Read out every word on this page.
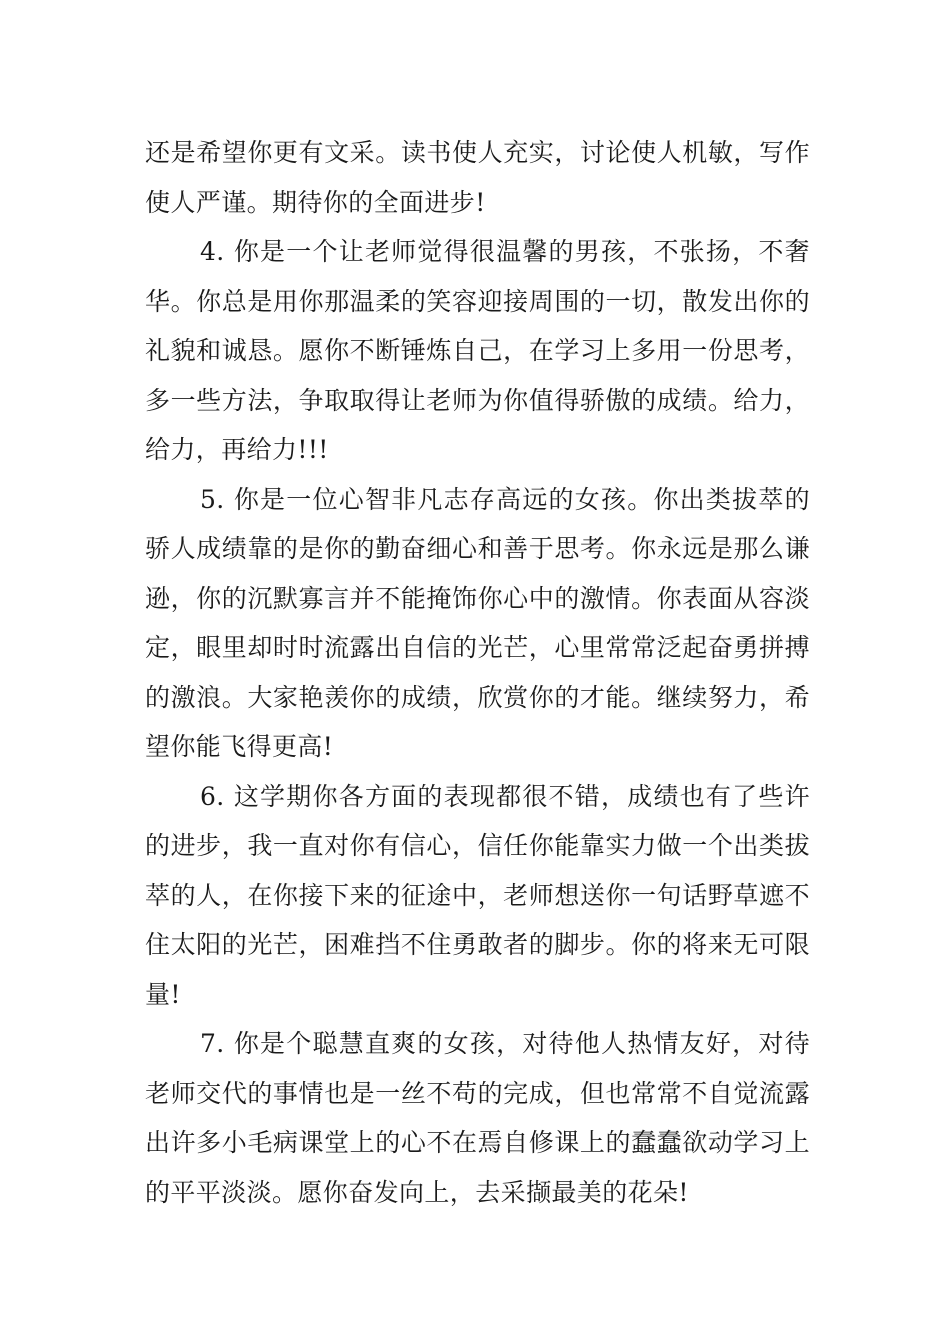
还是希望你更有文采。读书使人充实，讨论使人机敏，写作使人严谨。期待你的全面进步!

4. 你是一个让老师觉得很温馨的男孩，不张扬，不奢华。你总是用你那温柔的笑容迎接周围的一切，散发出你的礼貌和诚恳。愿你不断锤炼自己，在学习上多用一份思考，多一些方法，争取取得让老师为你值得骄傲的成绩。给力，给力，再给力!!!

5. 你是一位心智非凡志存高远的女孩。你出类拔萃的骄人成绩靠的是你的勤奋细心和善于思考。你永远是那么谦逊，你的沉默寡言并不能掩饰你心中的激情。你表面从容淡定，眼里却时时流露出自信的光芒，心里常常泛起奋勇拼搏的激浪。大家艳羡你的成绩，欣赏你的才能。继续努力，希望你能飞得更高!

6. 这学期你各方面的表现都很不错，成绩也有了些许的进步，我一直对你有信心，信任你能靠实力做一个出类拔萃的人，在你接下来的征途中，老师想送你一句话野草遮不住太阳的光芒，困难挡不住勇敢者的脚步。你的将来无可限量!

7. 你是个聪慧直爽的女孩，对待他人热情友好，对待老师交代的事情也是一丝不苟的完成，但也常常不自觉流露出许多小毛病课堂上的心不在焉自修课上的蠢蠢欲动学习上的平平淡淡。愿你奋发向上，去采撷最美的花朵!
